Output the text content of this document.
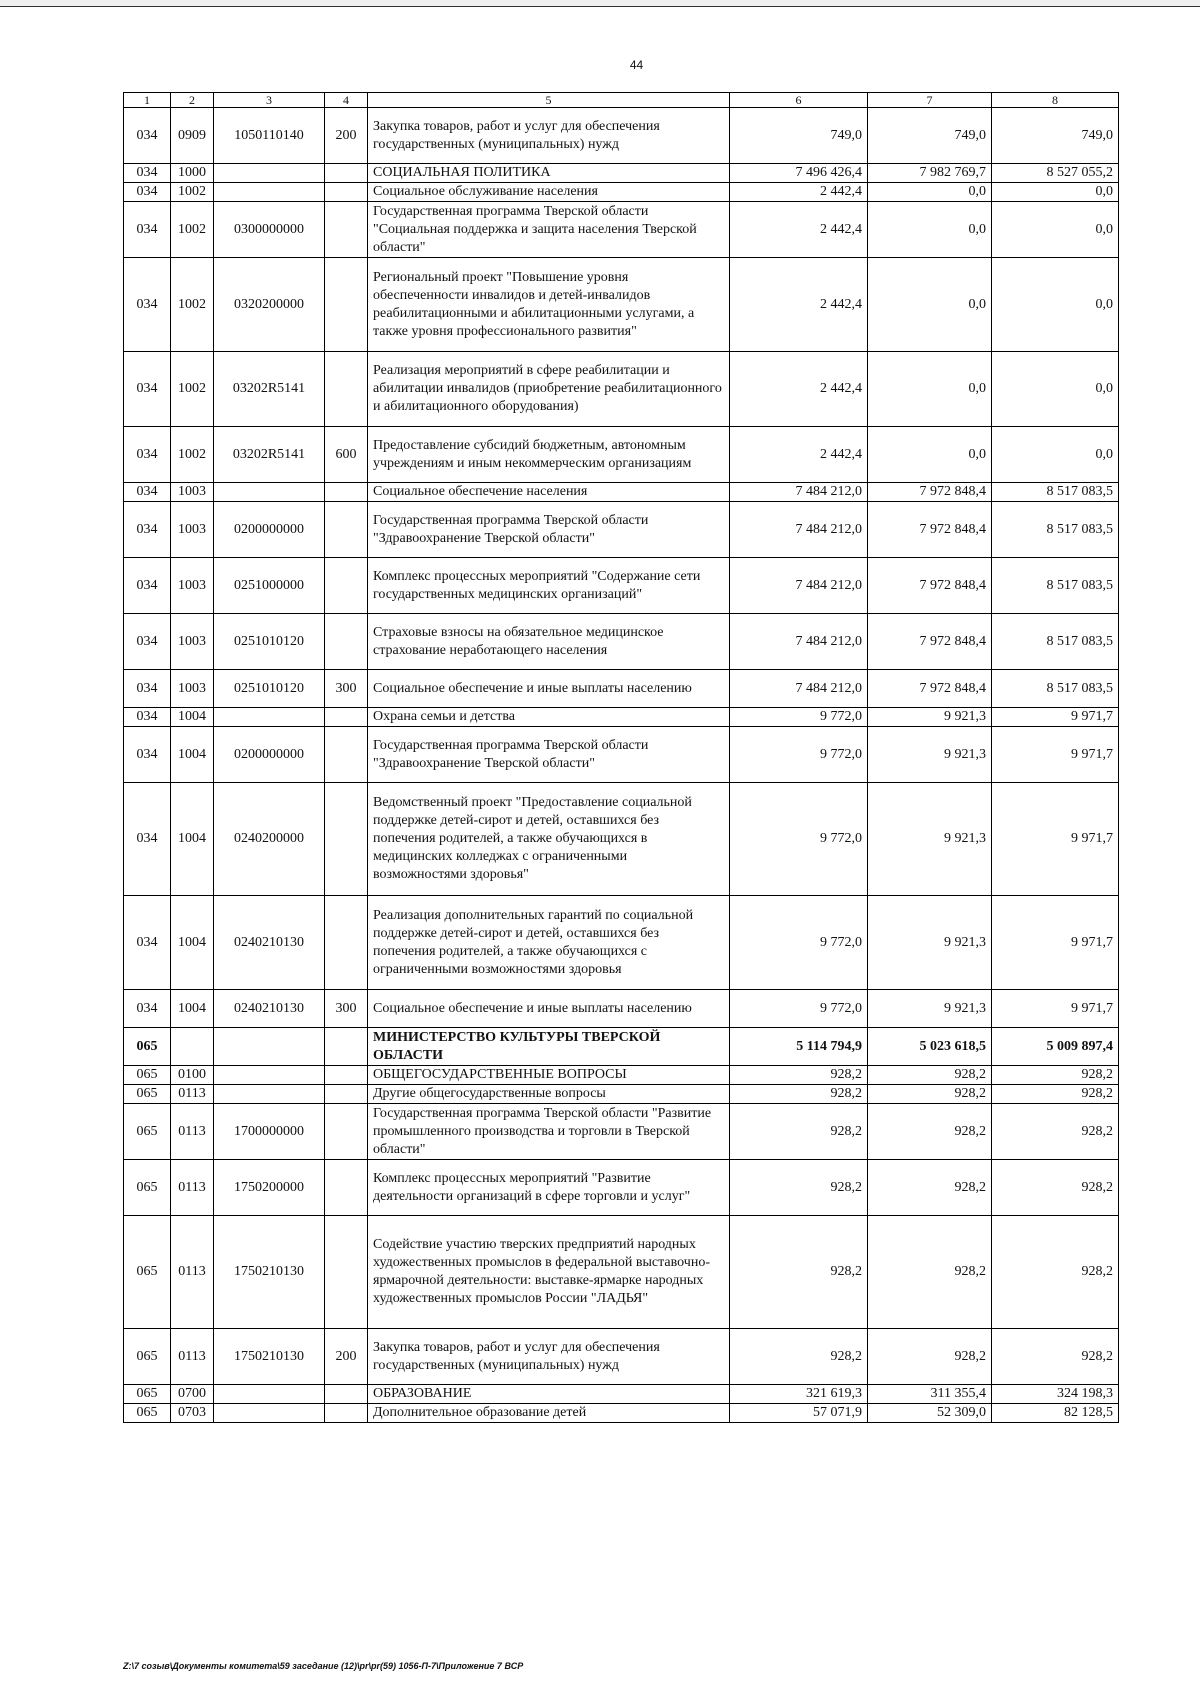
44
1	2	3	4	5	6	7	8
034	0909	1050110140	200	Закупка товаров, работ и услуг для обеспечения государственных (муниципальных) нужд	749,0	749,0	749,0
034	1000			СОЦИАЛЬНАЯ ПОЛИТИКА	7 496 426,4	7 982 769,7	8 527 055,2
034	1002			Социальное обслуживание населения	2 442,4	0,0	0,0
034	1002	0300000000		Государственная программа Тверской области "Социальная поддержка и защита населения Тверской области"	2 442,4	0,0	0,0
034	1002	0320200000		Региональный проект "Повышение уровня обеспеченности инвалидов и детей-инвалидов реабилитационными и абилитационными услугами, а также уровня профессионального развития"	2 442,4	0,0	0,0
034	1002	03202R5141		Реализация мероприятий в сфере реабилитации и абилитации инвалидов (приобретение реабилитационного и абилитационного оборудования)	2 442,4	0,0	0,0
034	1002	03202R5141	600	Предоставление субсидий бюджетным, автономным учреждениям и иным некоммерческим организациям	2 442,4	0,0	0,0
034	1003			Социальное обеспечение населения	7 484 212,0	7 972 848,4	8 517 083,5
034	1003	0200000000		Государственная программа Тверской области "Здравоохранение Тверской области"	7 484 212,0	7 972 848,4	8 517 083,5
034	1003	0251000000		Комплекс процессных мероприятий "Содержание сети государственных медицинских организаций"	7 484 212,0	7 972 848,4	8 517 083,5
034	1003	0251010120		Страховые взносы на обязательное медицинское страхование неработающего населения	7 484 212,0	7 972 848,4	8 517 083,5
034	1003	0251010120	300	Социальное обеспечение и иные выплаты населению	7 484 212,0	7 972 848,4	8 517 083,5
034	1004			Охрана семьи и детства	9 772,0	9 921,3	9 971,7
034	1004	0200000000		Государственная программа Тверской области "Здравоохранение Тверской области"	9 772,0	9 921,3	9 971,7
034	1004	0240200000		Ведомственный проект "Предоставление социальной поддержке детей-сирот и детей, оставшихся без попечения родителей, а также обучающихся в медицинских колледжах с ограниченными возможностями здоровья"	9 772,0	9 921,3	9 971,7
034	1004	0240210130		Реализация дополнительных гарантий по социальной поддержке детей-сирот и детей, оставшихся без попечения родителей, а также обучающихся с ограниченными возможностями здоровья	9 772,0	9 921,3	9 971,7
034	1004	0240210130	300	Социальное обеспечение и иные выплаты населению	9 772,0	9 921,3	9 971,7
065				МИНИСТЕРСТВО КУЛЬТУРЫ ТВЕРСКОЙ ОБЛАСТИ	5 114 794,9	5 023 618,5	5 009 897,4
065	0100			ОБЩЕГОСУДАРСТВЕННЫЕ ВОПРОСЫ	928,2	928,2	928,2
065	0113			Другие общегосударственные вопросы	928,2	928,2	928,2
065	0113	1700000000		Государственная программа Тверской области "Развитие промышленного производства и торговли в Тверской области"	928,2	928,2	928,2
065	0113	1750200000		Комплекс процессных мероприятий "Развитие деятельности организаций в сфере торговли и услуг"	928,2	928,2	928,2
065	0113	1750210130		Содействие участию тверских предприятий народных художественных промыслов в федеральной выставочно-ярмарочной деятельности: выставке-ярмарке народных художественных промыслов России "ЛАДЬЯ"	928,2	928,2	928,2
065	0113	1750210130	200	Закупка товаров, работ и услуг для обеспечения государственных (муниципальных) нужд	928,2	928,2	928,2
065	0700			ОБРАЗОВАНИЕ	321 619,3	311 355,4	324 198,3
065	0703			Дополнительное образование детей	57 071,9	52 309,0	82 128,5
Z:\7 созыв\Документы комитета\59 заседание (12)\pr\pr(59) 1056-П-7\Приложение 7 ВСР
